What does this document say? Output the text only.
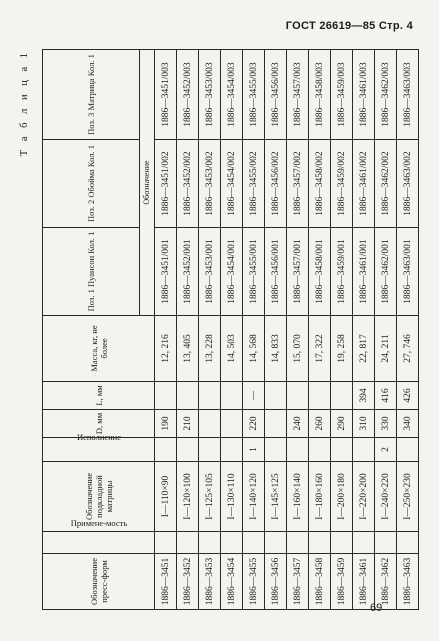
ГОСТ 26619—85 Стр. 4
Т а б л и ц а 1
Обозначение пресс-форм	Примене-мость	Обозначение подкладной матрицы	Исполнение	D, мм	L, мм	Масса, кг, не более	Поз. 1 Пуансон Кол. 1	Поз. 2 Обойма Кол. 1	Поз. 3 Матрица Кол. 1
							Обозначение		
1886—3451		I—110×90		190		12, 216	1886—3451/001	1886—3451/002	1886—3451/003
1886—3452		I—120×100		210		13, 405	1886—3452/001	1886—3452/002	1886—3452/003
1886—3453		I—125×105				13, 228	1886—3453/001	1886—3453/002	1886—3453/003
1886—3454		I—130×110				14, 503	1886—3454/001	1886—3454/002	1886—3454/003
1886—3455		I—140×120	1	220	—	14, 568	1886—3455/001	1886—3455/002	1886—3455/003
1886—3456		I—145×125				14, 833	1886—3456/001	1886—3456/002	1886—3456/003
1886—3457		I—160×140		240		15, 070	1886—3457/001	1886—3457/002	1886—3457/003
1886—3458		I—180×160		260		17, 322	1886—3458/001	1886—3458/002	1886—3458/003
1886—3459		I—200×180		290		19, 258	1886—3459/001	1886—3459/002	1886—3459/003
1886—3461		I—220×200		310	394	22, 817	1886—3461/001	1886—3461/002	1886—3461/003
1886—3462		I—240×220	2	330	416	24, 211	1886—3462/001	1886—3462/002	1886—3462/003
1886—3463		I—250×230		340	426	27, 746	1886—3463/001	1886—3463/002	1886—3463/003
69
